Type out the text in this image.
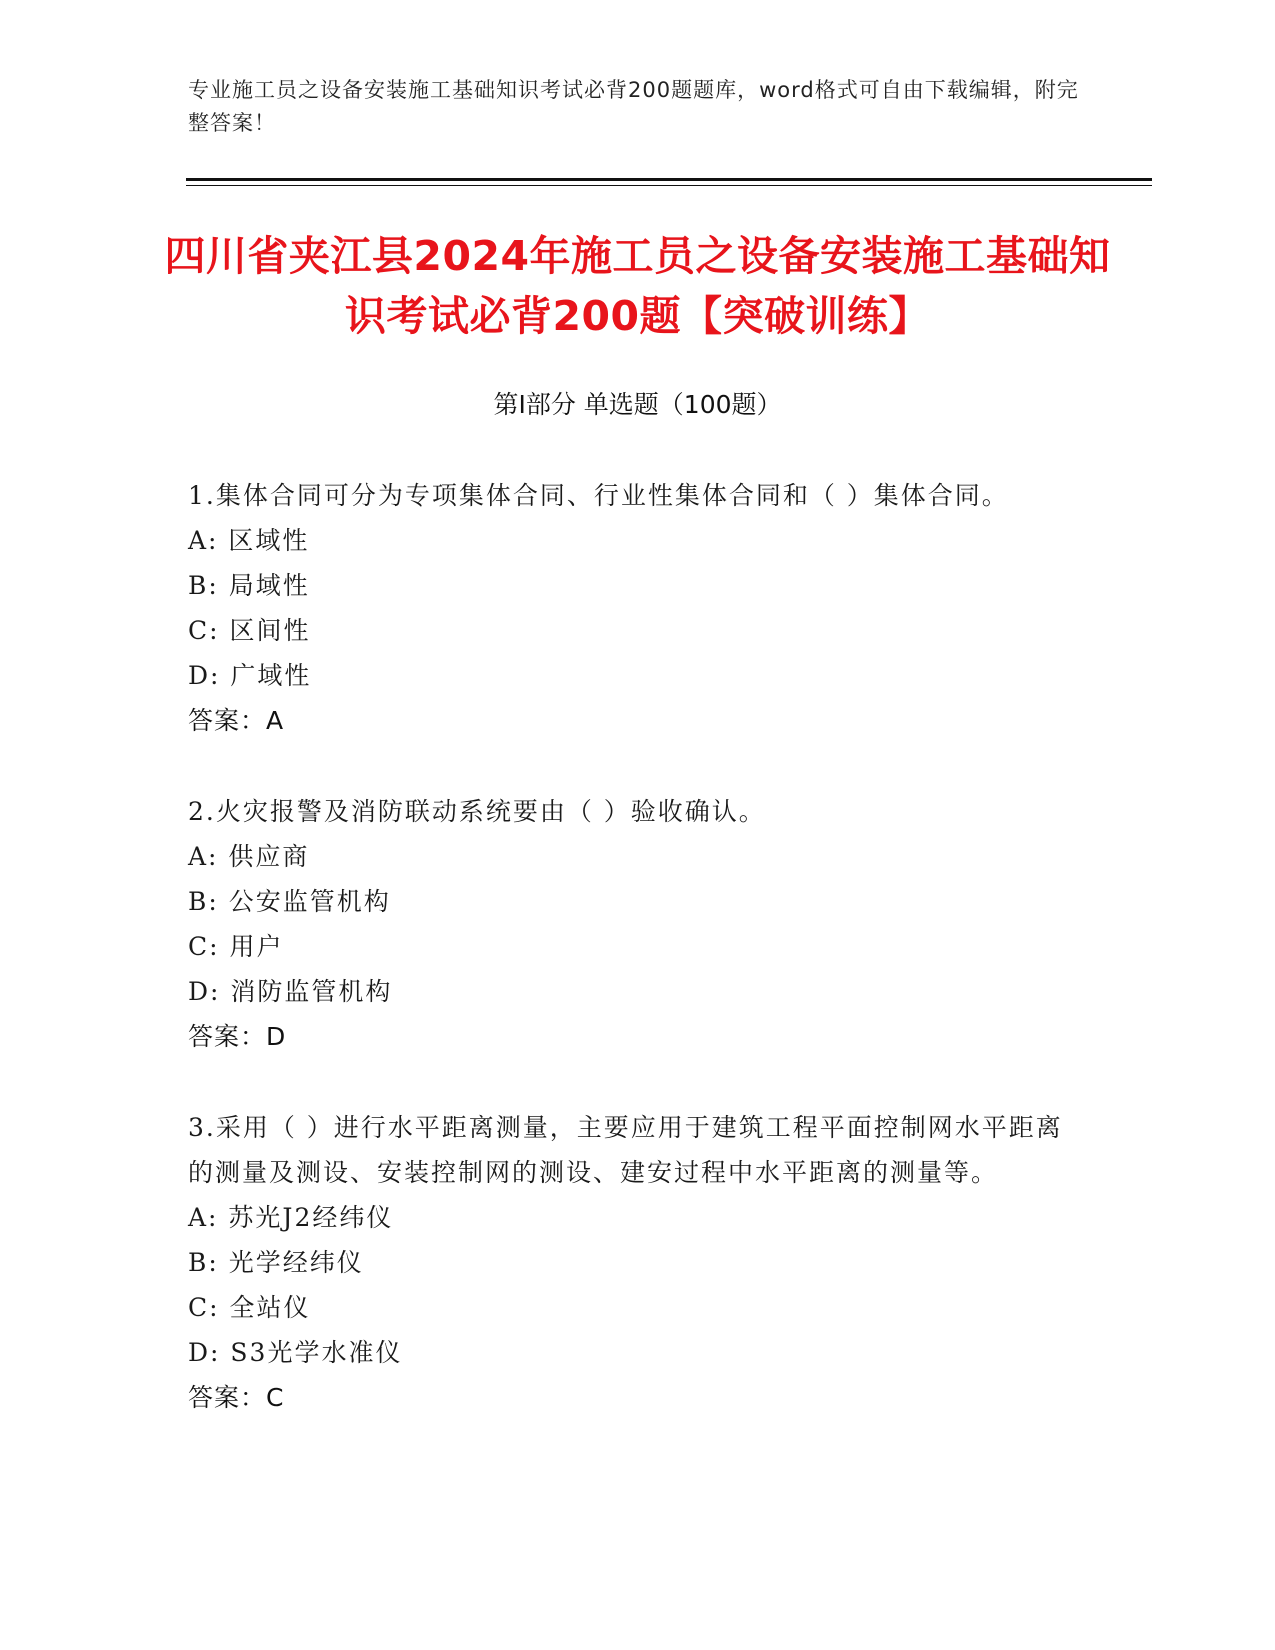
专业施工员之设备安装施工基础知识考试必背200题题库，word格式可自由下载编辑，附完整答案！
四川省夹江县2024年施工员之设备安装施工基础知识考试必背200题【突破训练】
第I部分 单选题（100题）
1.集体合同可分为专项集体合同、行业性集体合同和（ ）集体合同。
A: 区域性
B: 局域性
C: 区间性
D: 广域性
答案：A
2.火灾报警及消防联动系统要由（ ）验收确认。
A: 供应商
B: 公安监管机构
C: 用户
D: 消防监管机构
答案：D
3.采用（ ）进行水平距离测量，主要应用于建筑工程平面控制网水平距离的测量及测设、安装控制网的测设、建安过程中水平距离的测量等。
A: 苏光J2经纬仪
B: 光学经纬仪
C: 全站仪
D: S3光学水准仪
答案：C
